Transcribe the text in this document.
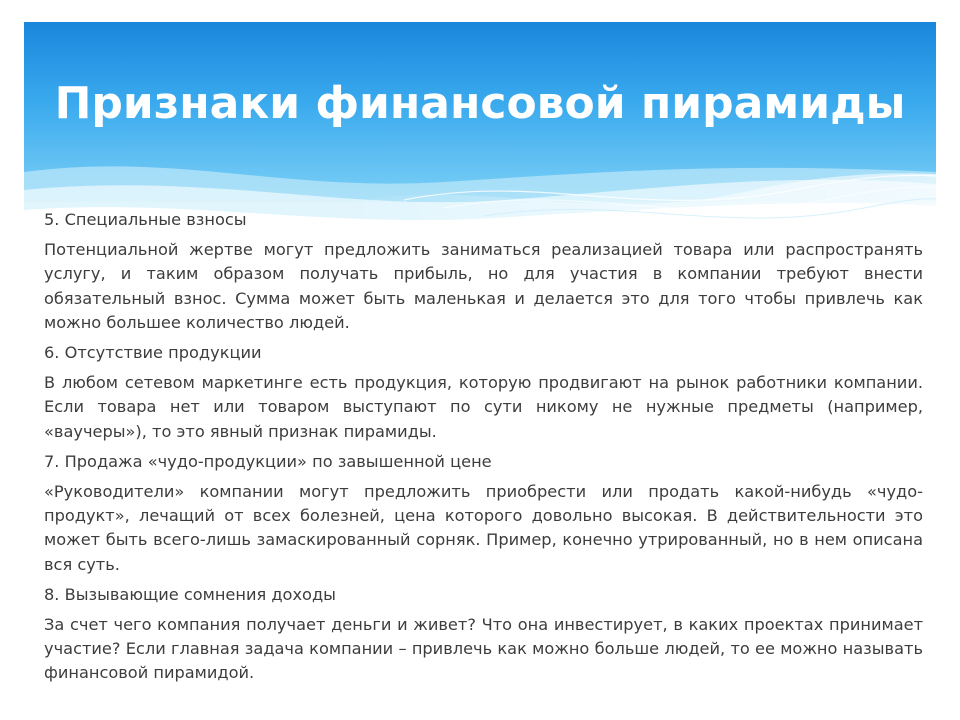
Признаки финансовой пирамиды

5. Специальные взносы

Потенциальной жертве могут предложить заниматься реализацией товара или распространять услугу, и таким образом получать прибыль, но для участия в компании требуют внести обязательный взнос. Сумма может быть маленькая и делается это для того чтобы привлечь как можно большее количество людей.

6. Отсутствие продукции

В любом сетевом маркетинге есть продукция, которую продвигают на рынок работники компании. Если товара нет или товаром выступают по сути никому не нужные предметы (например, «ваучеры»), то это явный признак пирамиды.

7. Продажа «чудо-продукции» по завышенной цене

«Руководители» компании могут предложить приобрести или продать какой-нибудь «чудо-продукт», лечащий от всех болезней, цена которого довольно высокая. В действительности это может быть всего-лишь замаскированный сорняк. Пример, конечно утрированный, но в нем описана вся суть.

8. Вызывающие сомнения доходы

За счет чего компания получает деньги и живет? Что она инвестирует, в каких проектах принимает участие? Если главная задача компании – привлечь как можно больше людей, то ее можно называть финансовой пирамидой.
